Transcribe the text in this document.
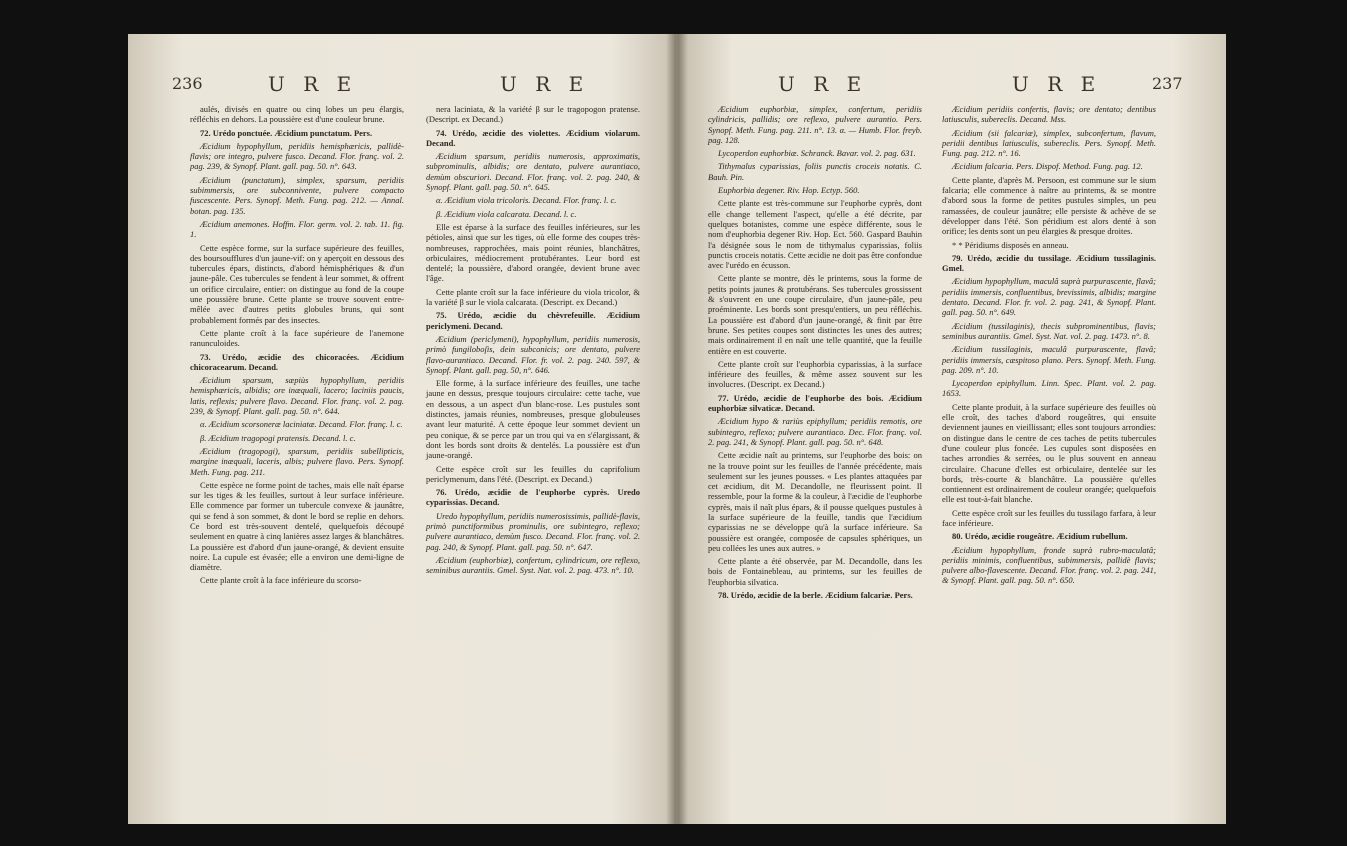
236	U R E	U R E

aulés, divisés en quatre ou cinq lobes un peu élargis, réfléchis en dehors. La poussière est d'une couleur brune.

72. Urédo ponctuée. Æcidium punctatum. Pers.

Æcidium hypophyllum, peridiis hemisphæricis, pallidè-flavis; ore integro, pulvere fusco. Decand. Flor. franç. vol. 2. pag. 239, & Synopf. Plant. gall. pag. 50. n°. 643.

Æcidium (punctatum), simplex, sparsum, peridiis subimmersis, ore subconnivente, pulvere compacto fuscescente. Pers. Synopf. Meth. Fung. pag. 212. — Annal. botan. pag. 135.

Æcidium anemones. Hoffm. Flor. germ. vol. 2. tab. 11. fig. 1.

Cette espèce forme, sur la surface supérieure des feuilles, des boursoufflures d'un jaune-vif: on y aperçoit en dessous des tubercules épars, distincts, d'abord hémisphériques & d'un jaune-pâle. Ces tubercules se fendent à leur sommet, & offrent un orifice circulaire, entier: on distingue au fond de la coupe une poussière brune. Cette plante se trouve souvent entre-mêlée avec d'autres petits globules bruns, qui sont probablement formés par des insectes.

Cette plante croît à la face supérieure de l'anemone ranunculoides.

73. Urédo, æcidie des chicoracées. Æcidium chicoracearum. Decand.

Æcidium sparsum, sæpiùs hypophyllum, peridiis hemisphæricis, albidis; ore inæquali, lacero; laciniis paucis, latis, reflexis; pulvere flavo. Decand. Flor. franç. vol. 2. pag. 239, & Synopf. Plant. gall. pag. 50. n°. 644.

α. Æcidium scorsoneræ laciniatæ. Decand. Flor. franç. l. c.

β. Æcidium tragopogi pratensis. Decand. l. c.

Æcidium (tragopogi), sparsum, peridiis subellipticis, margine inæquali, laceris, albis; pulvere flavo. Pers. Synopf. Meth. Fung. pag. 211.

Cette espèce ne forme point de taches, mais elle naît éparse sur les tiges & les feuilles, surtout à leur surface inférieure. Elle commence par former un tubercule convexe & jaunâtre, qui se fend à son sommet, & dont le bord se replie en dehors. Ce bord est très-souvent dentelé, quelquefois découpé seulement en quatre à cinq lanières assez larges & blanchâtres. La poussière est d'abord d'un jaune-orangé, & devient ensuite noire. La cupule est évasée; elle a environ une demi-ligne de diamètre.

Cette plante croît à la face inférieure du scorso-

nera laciniata, & la variété β sur le tragopogon pratense. (Descript. ex Decand.)

74. Urédo, æcidie des violettes. Æcidium violarum. Decand.

Æcidium sparsum, peridiis numerosis, approximatis, subprominulis, albidis; ore dentato, pulvere aurantiaco, demùm obscuriori. Decand. Flor. franç. vol. 2. pag. 240, & Synopf. Plant. gall. pag. 50. n°. 645.

α. Æcidium viola tricoloris. Decand. Flor. franç. l. c.

β. Æcidium viola calcarata. Decand. l. c.

Elle est éparse à la surface des feuilles inférieures, sur les pétioles, ainsi que sur les tiges, où elle forme des coupes très-nombreuses, rapprochées, mais point réunies, blanchâtres, orbiculaires, médiocrement protubérantes. Leur bord est dentelé; la poussière, d'abord orangée, devient brune avec l'âge.

Cette plante croît sur la face inférieure du viola tricolor, & la variété β sur le viola calcarata. (Descript. ex Decand.)

75. Urédo, æcidie du chèvrefeuille. Æcidium periclymeni. Decand.

Æcidium (periclymeni), hypophyllum, peridiis numerosis, primò fungiloboſis, dein subconicis; ore dentato, pulvere flavo-aurantiaco. Decand. Flor. fr. vol. 2. pag. 240. 597, & Synopf. Plant. gall. pag. 50, n°. 646.

Elle forme, à la surface inférieure des feuilles, une tache jaune en dessus, presque toujours circulaire: cette tache, vue en dessous, a un aspect d'un blanc-rose. Les pustules sont distinctes, jamais réunies, nombreuses, presque globuleuses avant leur maturité. A cette époque leur sommet devient un peu conique, & se perce par un trou qui va en s'élargissant, & dont les bords sont droits & dentelés. La poussière est d'un jaune-orangé.

Cette espèce croît sur les feuilles du caprifolium periclymenum, dans l'été. (Descript. ex Decand.)

76. Urédo, æcidie de l'euphorbe cyprès. Uredo cyparissias. Decand.

Uredo hypophyllum, peridiis numerosissimis, pallidè-flavis, primò punctiformibus prominulis, ore subintegro, reflexo; pulvere aurantiaco, demùm fusco. Decand. Flor. franç. vol. 2. pag. 240, & Synopf. Plant. gall. pag. 50. n°. 647.

Æcidium (euphorbiæ), confertum, cylindricum, ore reflexo, seminibus aurantiis. Gmel. Syst. Nat. vol. 2. pag. 473. n°. 10.

U R E	U R E	237

Æcidium euphorbiæ, simplex, confertum, peridiis cylindricis, pallidis; ore reflexo, pulvere aurantio. Pers. Synopf. Meth. Fung. pag. 211. n°. 13. α. — Humb. Flor. freyb. pag. 128.

Lycoperdon euphorbiæ. Schranck. Bavar. vol. 2. pag. 631.

Tithymalus cyparissias, foliis punctis croceis notatis. C. Bauh. Pin.

Euphorbia degener. Riv. Hop. Ectyp. 560.

Cette plante est très-commune sur l'euphorbe cyprès, dont elle change tellement l'aspect, qu'elle a été décrite, par quelques botanistes, comme une espèce différente, sous le nom d'euphorbia degener Riv. Hop. Ect. 560. Gaspard Bauhin l'a désignée sous le nom de tithymalus cyparissias, foliis punctis croceis notatis. Cette æcidie ne doit pas être confondue avec l'urédo en écusson.

Cette plante se montre, dès le printems, sous la forme de petits points jaunes & protubérans. Ses tubercules grossissent & s'ouvrent en une coupe circulaire, d'un jaune-pâle, peu proéminente. Les bords sont presqu'entiers, un peu réfléchis. La poussière est d'abord d'un jaune-orangé, & finit par être brune. Ses petites coupes sont distinctes les unes des autres; mais ordinairement il en naît une telle quantité, que la feuille entière en est couverte.

Cette plante croît sur l'euphorbia cyparissias, à la surface inférieure des feuilles, & même assez souvent sur les involucres. (Descript. ex Decand.)

77. Urédo, æcidie de l'euphorbe des bois. Æcidium euphorbiæ silvaticæ. Decand.

Æcidium hypo & rariùs epiphyllum; peridiis remotis, ore subintegro, reflexo; pulvere aurantiaco. Dec. Flor. franç. vol. 2. pag. 241, & Synopf. Plant. gall. pag. 50. n°. 648.

Cette æcidie naît au printems, sur l'euphorbe des bois: on ne la trouve point sur les feuilles de l'année précédente, mais seulement sur les jeunes pousses. « Les plantes attaquées par cet æcidium, dit M. Decandolle, ne fleurissent point. Il ressemble, pour la forme & la couleur, à l'æcidie de l'euphorbe cyprès, mais il naît plus épars, & il pousse quelques pustules à la surface supérieure de la feuille, tandis que l'æcidium cyparissias ne se développe qu'à la surface inférieure. Sa poussière est orangée, composée de capsules sphériques, un peu collées les unes aux autres. »

Cette plante a été observée, par M. Decandolle, dans les bois de Fontainebleau, au printems, sur les feuilles de l'euphorbia silvatica.

78. Urédo, æcidie de la berle. Æcidium falcariæ. Pers.

Æcidium peridiis confertis, flavis; ore dentato; dentibus latiusculis, subereclis. Decand. Mss.

Æcidium (sii falcariæ), simplex, subconfertum, flavum, peridii dentibus latiusculis, subereclis. Pers. Synopf. Meth. Fung. pag. 212. n°. 16.

Æcidium falcaria. Pers. Dispof. Method. Fung. pag. 12.

Cette plante, d'après M. Persoon, est commune sur le sium falcaria; elle commence à naître au printems, & se montre d'abord sous la forme de petites pustules simples, un peu ramassées, de couleur jaunâtre; elle persiste & achève de se développer dans l'été. Son péridium est alors denté à son orifice; les dents sont un peu élargies & presque droites.

* * Péridiums disposés en anneau.

79. Urédo, æcidie du tussilage. Æcidium tussilaginis. Gmel.

Æcidium hypophyllum, maculâ suprà purpurascente, flavâ; peridiis immersis, confluentibus, brevissimis, albidis; margine dentato. Decand. Flor. fr. vol. 2. pag. 241, & Synopf. Plant. gall. pag. 50. n°. 649.

Æcidium (tussilaginis), thecis subprominentibus, flavis; seminibus aurantiis. Gmel. Syst. Nat. vol. 2. pag. 1473. n°. 8.

Æcidium tussilaginis, maculâ purpurascente, flavâ; peridiis immersis, cæspitoso plano. Pers. Synopf. Meth. Fung. pag. 209. n°. 10.

Lycoperdon epiphyllum. Linn. Spec. Plant. vol. 2. pag. 1653.

Cette plante produit, à la surface supérieure des feuilles où elle croît, des taches d'abord rougeâtres, qui ensuite deviennent jaunes en vieillissant; elles sont toujours arrondies: on distingue dans le centre de ces taches de petits tubercules d'une couleur plus foncée. Les cupules sont disposées en taches arrondies & serrées, ou le plus souvent en anneau circulaire. Chacune d'elles est orbiculaire, dentelée sur les bords, très-courte & blanchâtre. La poussière qu'elles contiennent est ordinairement de couleur orangée; quelquefois elle est tout-à-fait blanche.

Cette espèce croît sur les feuilles du tussilago farfara, à leur face inférieure.

80. Urédo, æcidie rougeâtre. Æcidium rubellum.

Æcidium hypophyllum, fronde suprà rubro-maculatâ; peridiis minimis, confluentibus, subimmersis, pallidè flavis; pulvere albo-flavescente. Decand. Flor. franç. vol. 2. pag. 241, & Synopf. Plant. gall. pag. 50. n°. 650.
